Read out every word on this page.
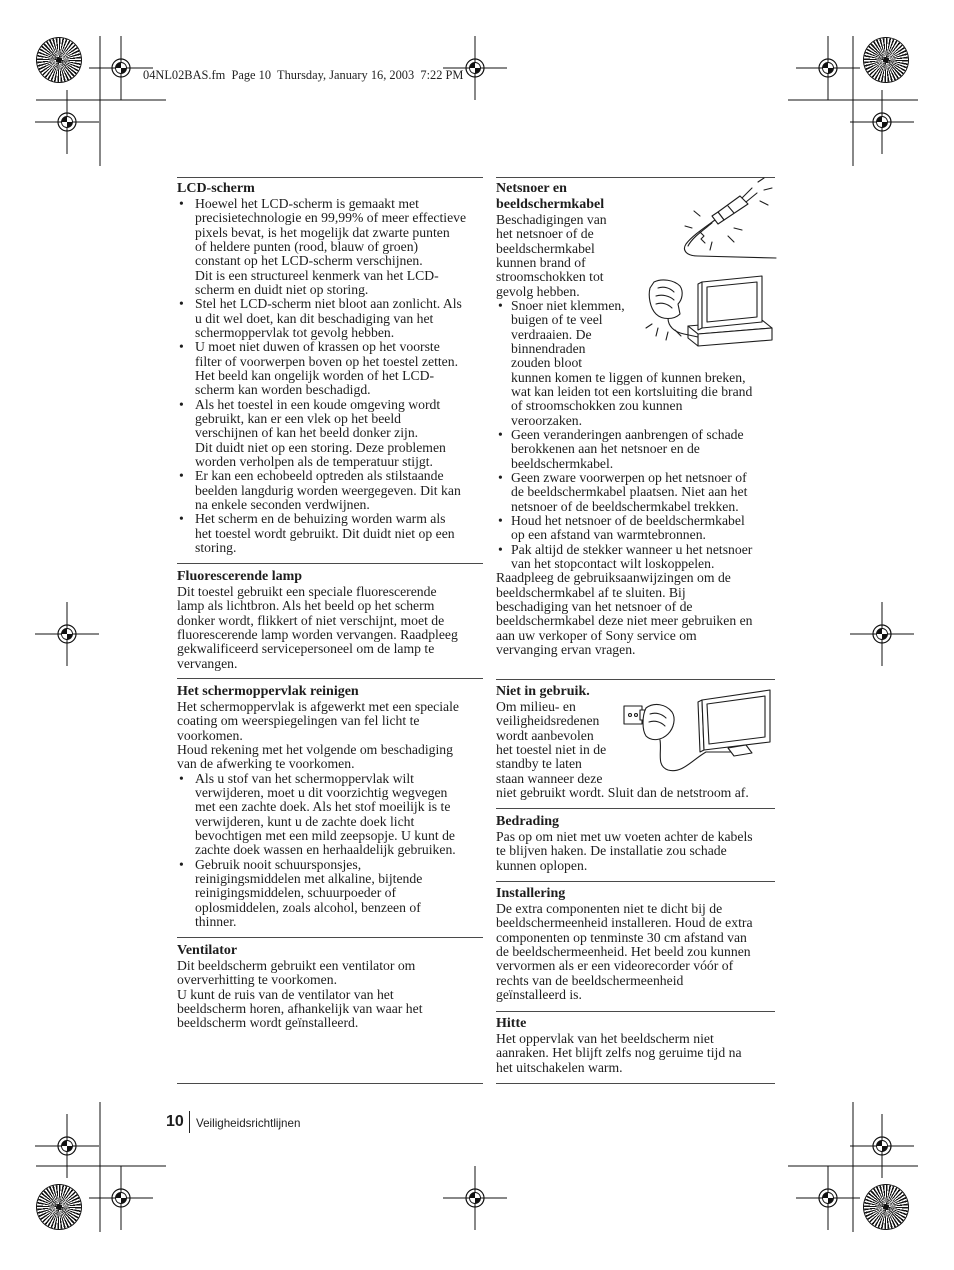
04NL02BAS.fm  Page 10  Thursday, January 16, 2003  7:22 PM
LCD-scherm
• Hoewel het LCD-scherm is gemaakt met
precisietechnologie en 99,99% of meer effectieve
pixels bevat, is het mogelijk dat zwarte punten
of heldere punten (rood, blauw of groen)
constant op het LCD-scherm verschijnen.
Dit is een structureel kenmerk van het LCD-
scherm en duidt niet op storing.
• Stel het LCD-scherm niet bloot aan zonlicht. Als
u dit wel doet, kan dit beschadiging van het
schermoppervlak tot gevolg hebben.
• U moet niet duwen of krassen op het voorste
filter of voorwerpen boven op het toestel zetten.
Het beeld kan ongelijk worden of het LCD-
scherm kan worden beschadigd.
• Als het toestel in een koude omgeving wordt
gebruikt, kan er een vlek op het beeld
verschijnen of kan het beeld donker zijn.
Dit duidt niet op een storing. Deze problemen
worden verholpen als de temperatuur stijgt.
• Er kan een echobeeld optreden als stilstaande
beelden langdurig worden weergegeven. Dit kan
na enkele seconden verdwijnen.
• Het scherm en de behuizing worden warm als
het toestel wordt gebruikt. Dit duidt niet op een
storing.
Fluorescerende lamp
Dit toestel gebruikt een speciale fluorescerende
lamp als lichtbron. Als het beeld op het scherm
donker wordt, flikkert of niet verschijnt, moet de
fluorescerende lamp worden vervangen. Raadpleeg
gekwalificeerd servicepersoneel om de lamp te
vervangen.
Het schermoppervlak reinigen
Het schermoppervlak is afgewerkt met een speciale
coating om weerspiegelingen van fel licht te
voorkomen.
Houd rekening met het volgende om beschadiging
van de afwerking te voorkomen.
• Als u stof van het schermoppervlak wilt
verwijderen, moet u dit voorzichtig wegvegen
met een zachte doek. Als het stof moeilijk is te
verwijderen, kunt u de zachte doek licht
bevochtigen met een mild zeepsopje. U kunt de
zachte doek wassen en herhaaldelijk gebruiken.
• Gebruik nooit schuursponsjes,
reinigingsmiddelen met alkaline, bijtende
reinigingsmiddelen, schuurpoeder of
oplosmiddelen, zoals alcohol, benzeen of
thinner.
Ventilator
Dit beeldscherm gebruikt een ventilator om
oververhitting te voorkomen.
U kunt de ruis van de ventilator van het
beeldscherm horen, afhankelijk van waar het
beeldscherm wordt geïnstalleerd.
Netsnoer en
beeldschermkabel
Beschadigingen van
het netsnoer of de
beeldschermkabel
kunnen brand of
stroomschokken tot
gevolg hebben.
• Snoer niet klemmen,
buigen of te veel
verdraaien. De
binnendraden
zouden bloot
kunnen komen te liggen of kunnen breken,
wat kan leiden tot een kortsluiting die brand
of stroomschokken zou kunnen
veroorzaken.
• Geen veranderingen aanbrengen of schade
berokkenen aan het netsnoer en de
beeldschermkabel.
• Geen zware voorwerpen op het netsnoer of
de beeldschermkabel plaatsen. Niet aan het
netsnoer of de beeldschermkabel trekken.
• Houd het netsnoer of de beeldschermkabel
op een afstand van warmtebronnen.
• Pak altijd de stekker wanneer u het netsnoer
van het stopcontact wilt loskoppelen.
Raadpleeg de gebruiksaanwijzingen om de
beeldschermkabel af te sluiten. Bij
beschadiging van het netsnoer of de
beeldschermkabel deze niet meer gebruiken en
aan uw verkoper of Sony service om
vervanging ervan vragen.
Niet in gebruik.
Om milieu- en
veiligheidsredenen
wordt aanbevolen
het toestel niet in de
standby te laten
staan wanneer deze
niet gebruikt wordt. Sluit dan de netstroom af.
Bedrading
Pas op om niet met uw voeten achter de kabels
te blijven haken. De installatie zou schade
kunnen oplopen.
Installering
De extra componenten niet te dicht bij de
beeldschermeenheid installeren. Houd de extra
componenten op tenminste 30 cm afstand van
de beeldschermeenheid. Het beeld zou kunnen
vervormen als er een videorecorder vóór of
rechts van de beeldschermeenheid
geïnstalleerd is.
Hitte
Het oppervlak van het beeldscherm niet
aanraken. Het blijft zelfs nog geruime tijd na
het uitschakelen warm.
10 Veiligheidsrichtlijnen
